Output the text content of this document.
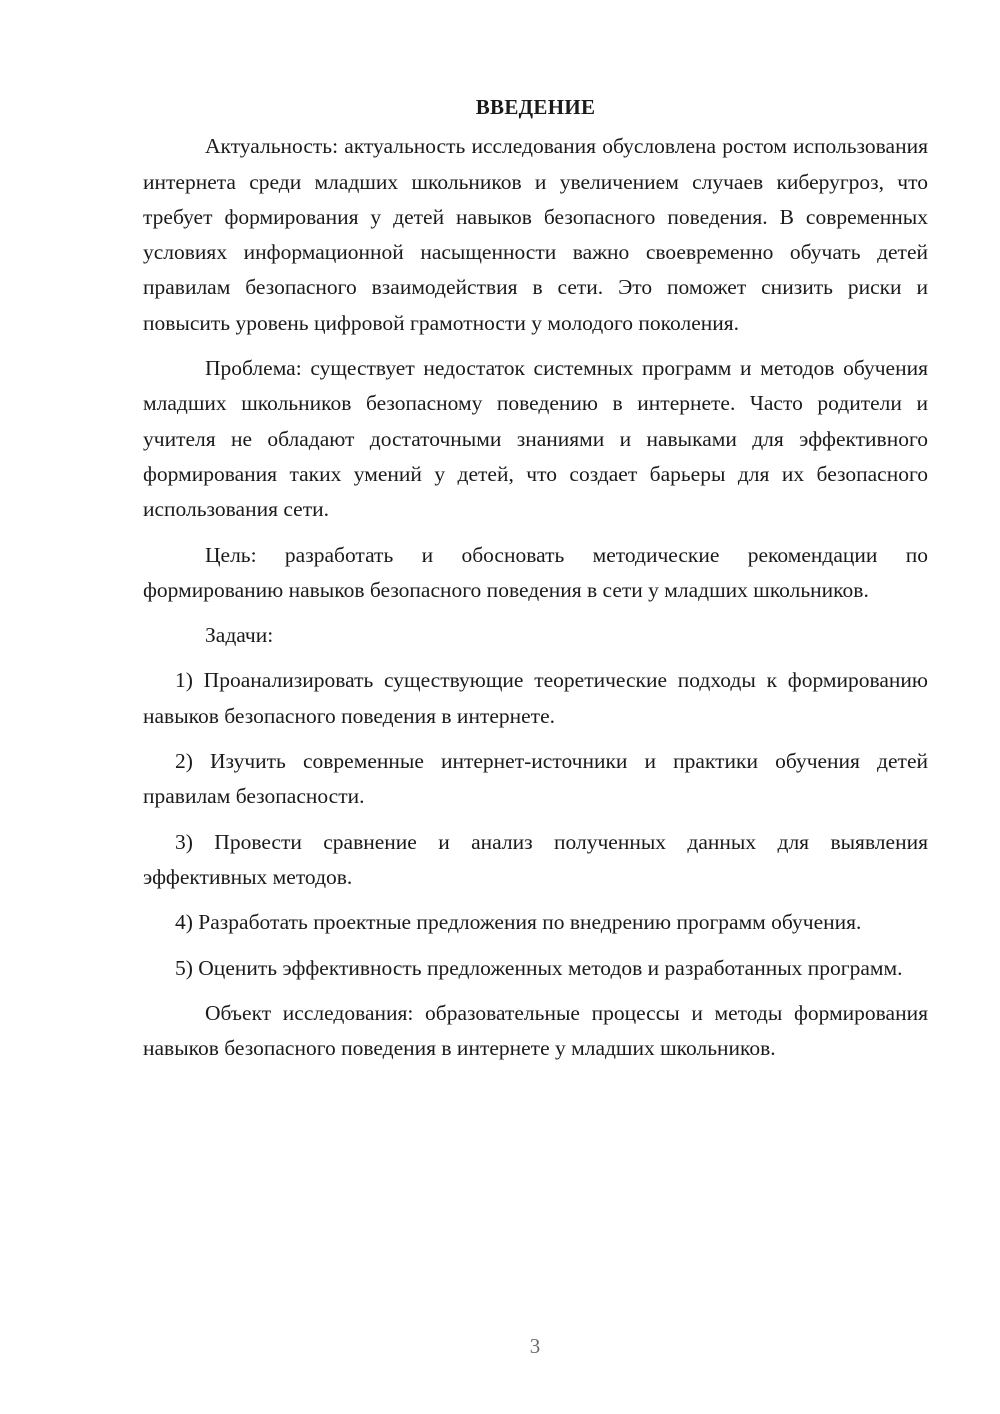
ВВЕДЕНИЕ

Актуальность: актуальность исследования обусловлена ростом использования интернета среди младших школьников и увеличением случаев киберугроз, что требует формирования у детей навыков безопасного поведения. В современных условиях информационной насыщенности важно своевременно обучать детей правилам безопасного взаимодействия в сети. Это поможет снизить риски и повысить уровень цифровой грамотности у молодого поколения.

Проблема: существует недостаток системных программ и методов обучения младших школьников безопасному поведению в интернете. Часто родители и учителя не обладают достаточными знаниями и навыками для эффективного формирования таких умений у детей, что создает барьеры для их безопасного использования сети.

Цель: разработать и обосновать методические рекомендации по формированию навыков безопасного поведения в сети у младших школьников.

Задачи:

1) Проанализировать существующие теоретические подходы к формированию навыков безопасного поведения в интернете.

2) Изучить современные интернет-источники и практики обучения детей правилам безопасности.

3) Провести сравнение и анализ полученных данных для выявления эффективных методов.

4) Разработать проектные предложения по внедрению программ обучения.

5) Оценить эффективность предложенных методов и разработанных программ.

Объект исследования: образовательные процессы и методы формирования навыков безопасного поведения в интернете у младших школьников.

3
